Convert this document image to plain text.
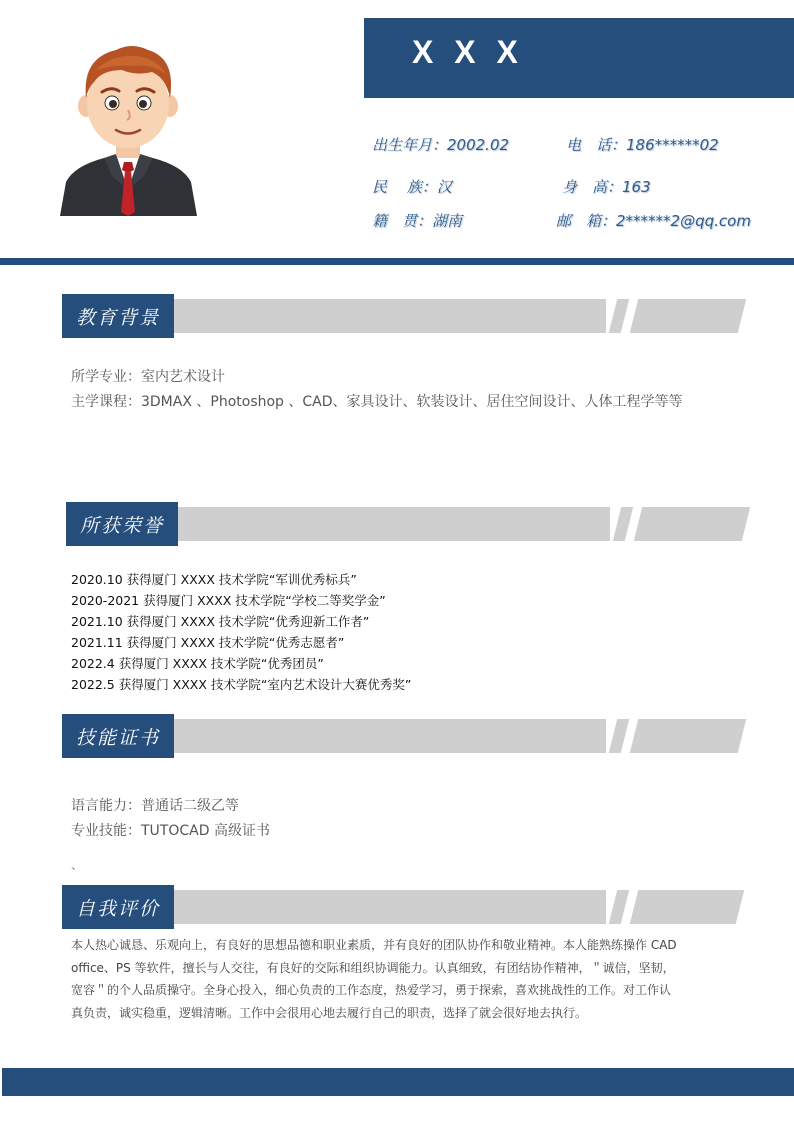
X X X
出生年月：2002.02	电　话：186******02
民　 族：汉	身　高：163
籍　贯：湖南	邮　箱：2******2@qq.com
教育背景
所学专业：室内艺术设计
主学课程：3DMAX 、Photoshop 、CAD、家具设计、软装设计、居住空间设计、人体工程学等等
所获荣誉
2020.10 获得厦门 XXXX 技术学院“军训优秀标兵”
2020-2021 获得厦门 XXXX 技术学院“学校二等奖学金”
2021.10 获得厦门 XXXX 技术学院“优秀迎新工作者”
2021.11 获得厦门 XXXX 技术学院“优秀志愿者”
2022.4 获得厦门 XXXX 技术学院“优秀团员”
2022.5 获得厦门 XXXX 技术学院“室内艺术设计大赛优秀奖”
技能证书
语言能力：普通话二级乙等
专业技能：TUTOCAD 高级证书
、
自我评价
本人热心诚恳、乐观向上，有良好的思想品德和职业素质，并有良好的团队协作和敬业精神。本人能熟练操作 CAD
office、PS 等软件，擅长与人交往，有良好的交际和组织协调能力。认真细致，有团结协作精神，＂诚信，坚韧，
宽容＂的个人品质操守。全身心投入，细心负责的工作态度，热爱学习，勇于探索，喜欢挑战性的工作。对工作认
真负责，诚实稳重，逻辑清晰。工作中会很用心地去履行自己的职责，选择了就会很好地去执行。
